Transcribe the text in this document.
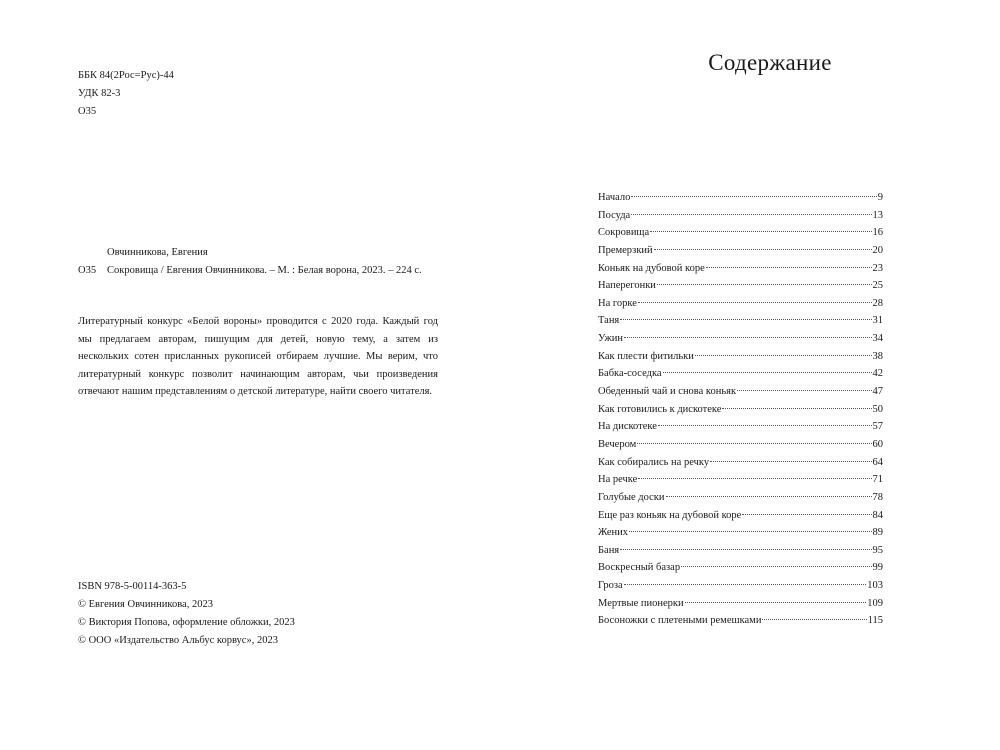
ББК 84(2Рос=Рус)-44
УДК 82-3
О35
Овчинникова, Евгения
О35	Сокровища / Евгения Овчинникова. – М. : Белая ворона, 2023. – 224 с.
Литературный конкурс «Белой вороны» проводится с 2020 года. Каждый год мы предлагаем авторам, пишущим для детей, новую тему, а затем из нескольких сотен присланных рукописей отбираем лучшие. Мы верим, что литературный конкурс позволит начинающим авторам, чьи произведения отвечают нашим представлениям о детской литературе, найти своего читателя.
ISBN 978-5-00114-363-5
© Евгения Овчинникова, 2023
© Виктория Попова, оформление обложки, 2023
© ООО «Издательство Альбус корвус», 2023
Содержание
Начало	9
Посуда	13
Сокровища	16
Премерзкий	20
Коньяк на дубовой коре	23
Наперегонки	25
На горке	28
Таня	31
Ужин	34
Как плести фитильки	38
Бабка-соседка	42
Обеденный чай и снова коньяк	47
Как готовились к дискотеке	50
На дискотеке	57
Вечером	60
Как собирались на речку	64
На речке	71
Голубые доски	78
Еще раз коньяк на дубовой коре	84
Жених	89
Баня	95
Воскресный базар	99
Гроза	103
Мертвые пионерки	109
Босоножки с плетеными ремешками	115
